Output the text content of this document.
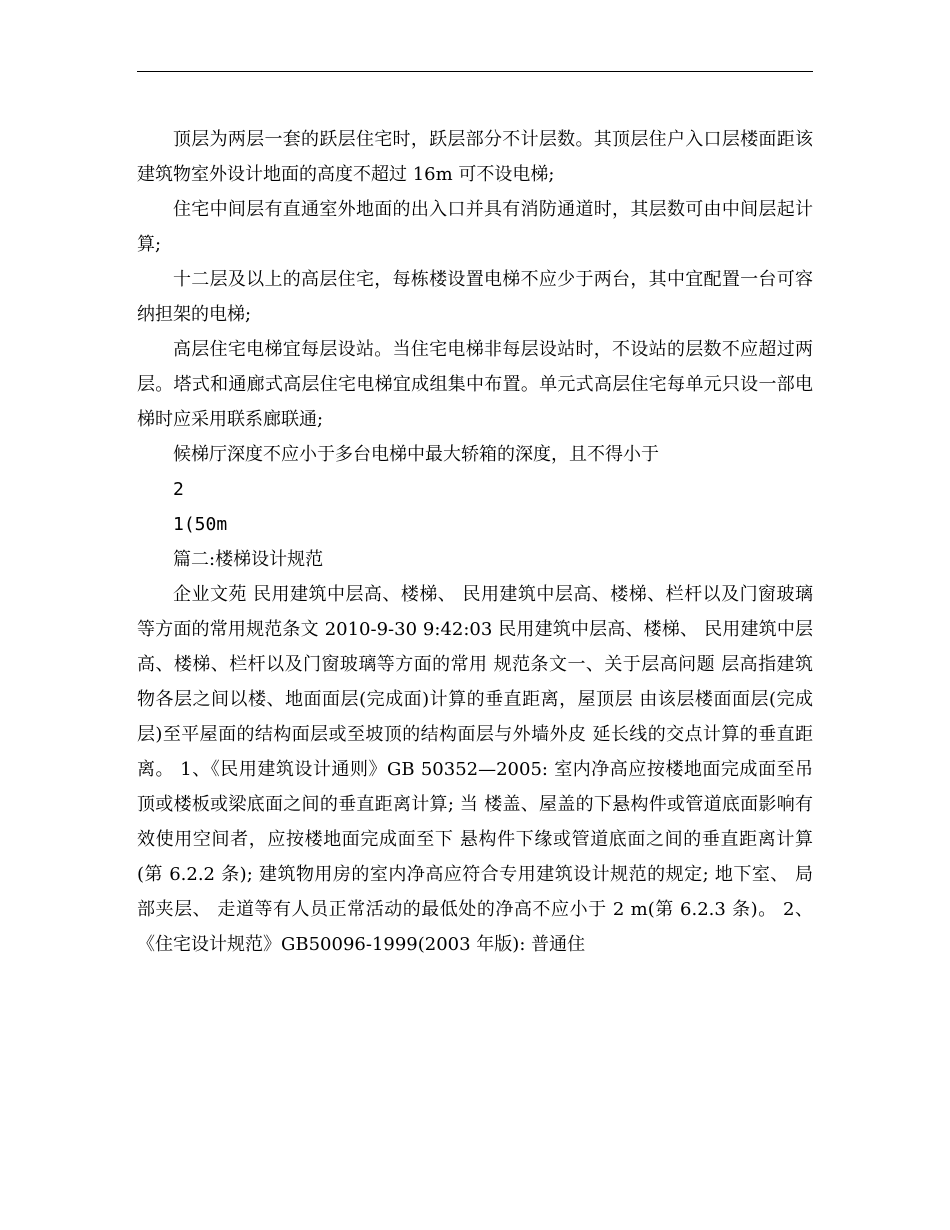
顶层为两层一套的跃层住宅时，跃层部分不计层数。其顶层住户入口层楼面距该建筑物室外设计地面的高度不超过 16m 可不设电梯;

住宅中间层有直通室外地面的出入口并具有消防通道时，其层数可由中间层起计算;

十二层及以上的高层住宅，每栋楼设置电梯不应少于两台，其中宜配置一台可容纳担架的电梯;

高层住宅电梯宜每层设站。当住宅电梯非每层设站时，不设站的层数不应超过两层。塔式和通廊式高层住宅电梯宜成组集中布置。单元式高层住宅每单元只设一部电梯时应采用联系廊联通;

候梯厅深度不应小于多台电梯中最大轿箱的深度，且不得小于

2

1(50m

篇二:楼梯设计规范

企业文苑 民用建筑中层高、楼梯、 民用建筑中层高、楼梯、栏杆以及门窗玻璃等方面的常用规范条文 2010-9-30 9:42:03 民用建筑中层高、楼梯、 民用建筑中层高、楼梯、栏杆以及门窗玻璃等方面的常用 规范条文一、关于层高问题 层高指建筑物各层之间以楼、地面面层(完成面)计算的垂直距离，屋顶层 由该层楼面面层(完成层)至平屋面的结构面层或至坡顶的结构面层与外墙外皮 延长线的交点计算的垂直距离。 1、《民用建筑设计通则》GB 50352—2005: 室内净高应按楼地面完成面至吊顶或楼板或梁底面之间的垂直距离计算; 当 楼盖、屋盖的下悬构件或管道底面影响有效使用空间者，应按楼地面完成面至下 悬构件下缘或管道底面之间的垂直距离计算(第 6.2.2 条); 建筑物用房的室内净高应符合专用建筑设计规范的规定; 地下室、 局部夹层、 走道等有人员正常活动的最低处的净高不应小于 2 m(第 6.2.3 条)。 2、《住宅设计规范》GB50096-1999(2003 年版): 普通住
